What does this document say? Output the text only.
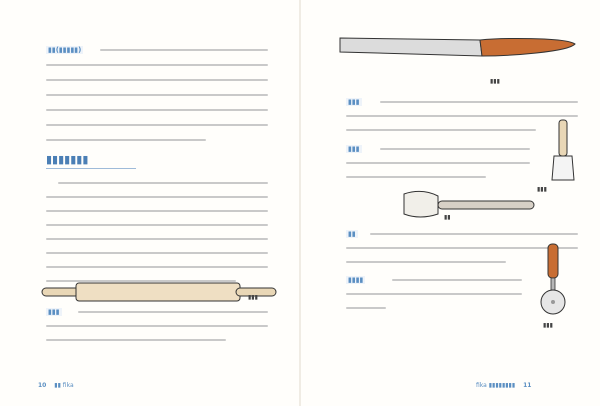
▮▮(▮▮▮▮▮)
▮▮▮▮▮▮▮
▮▮▮
▮▮▮
10 ▮▮ fika
▮▮▮
▮▮▮
▮▮▮
▮▮▮
▮▮
▮▮
▮▮▮▮
▮▮▮
fika ▮▮▮▮▮▮▮▮ 11
